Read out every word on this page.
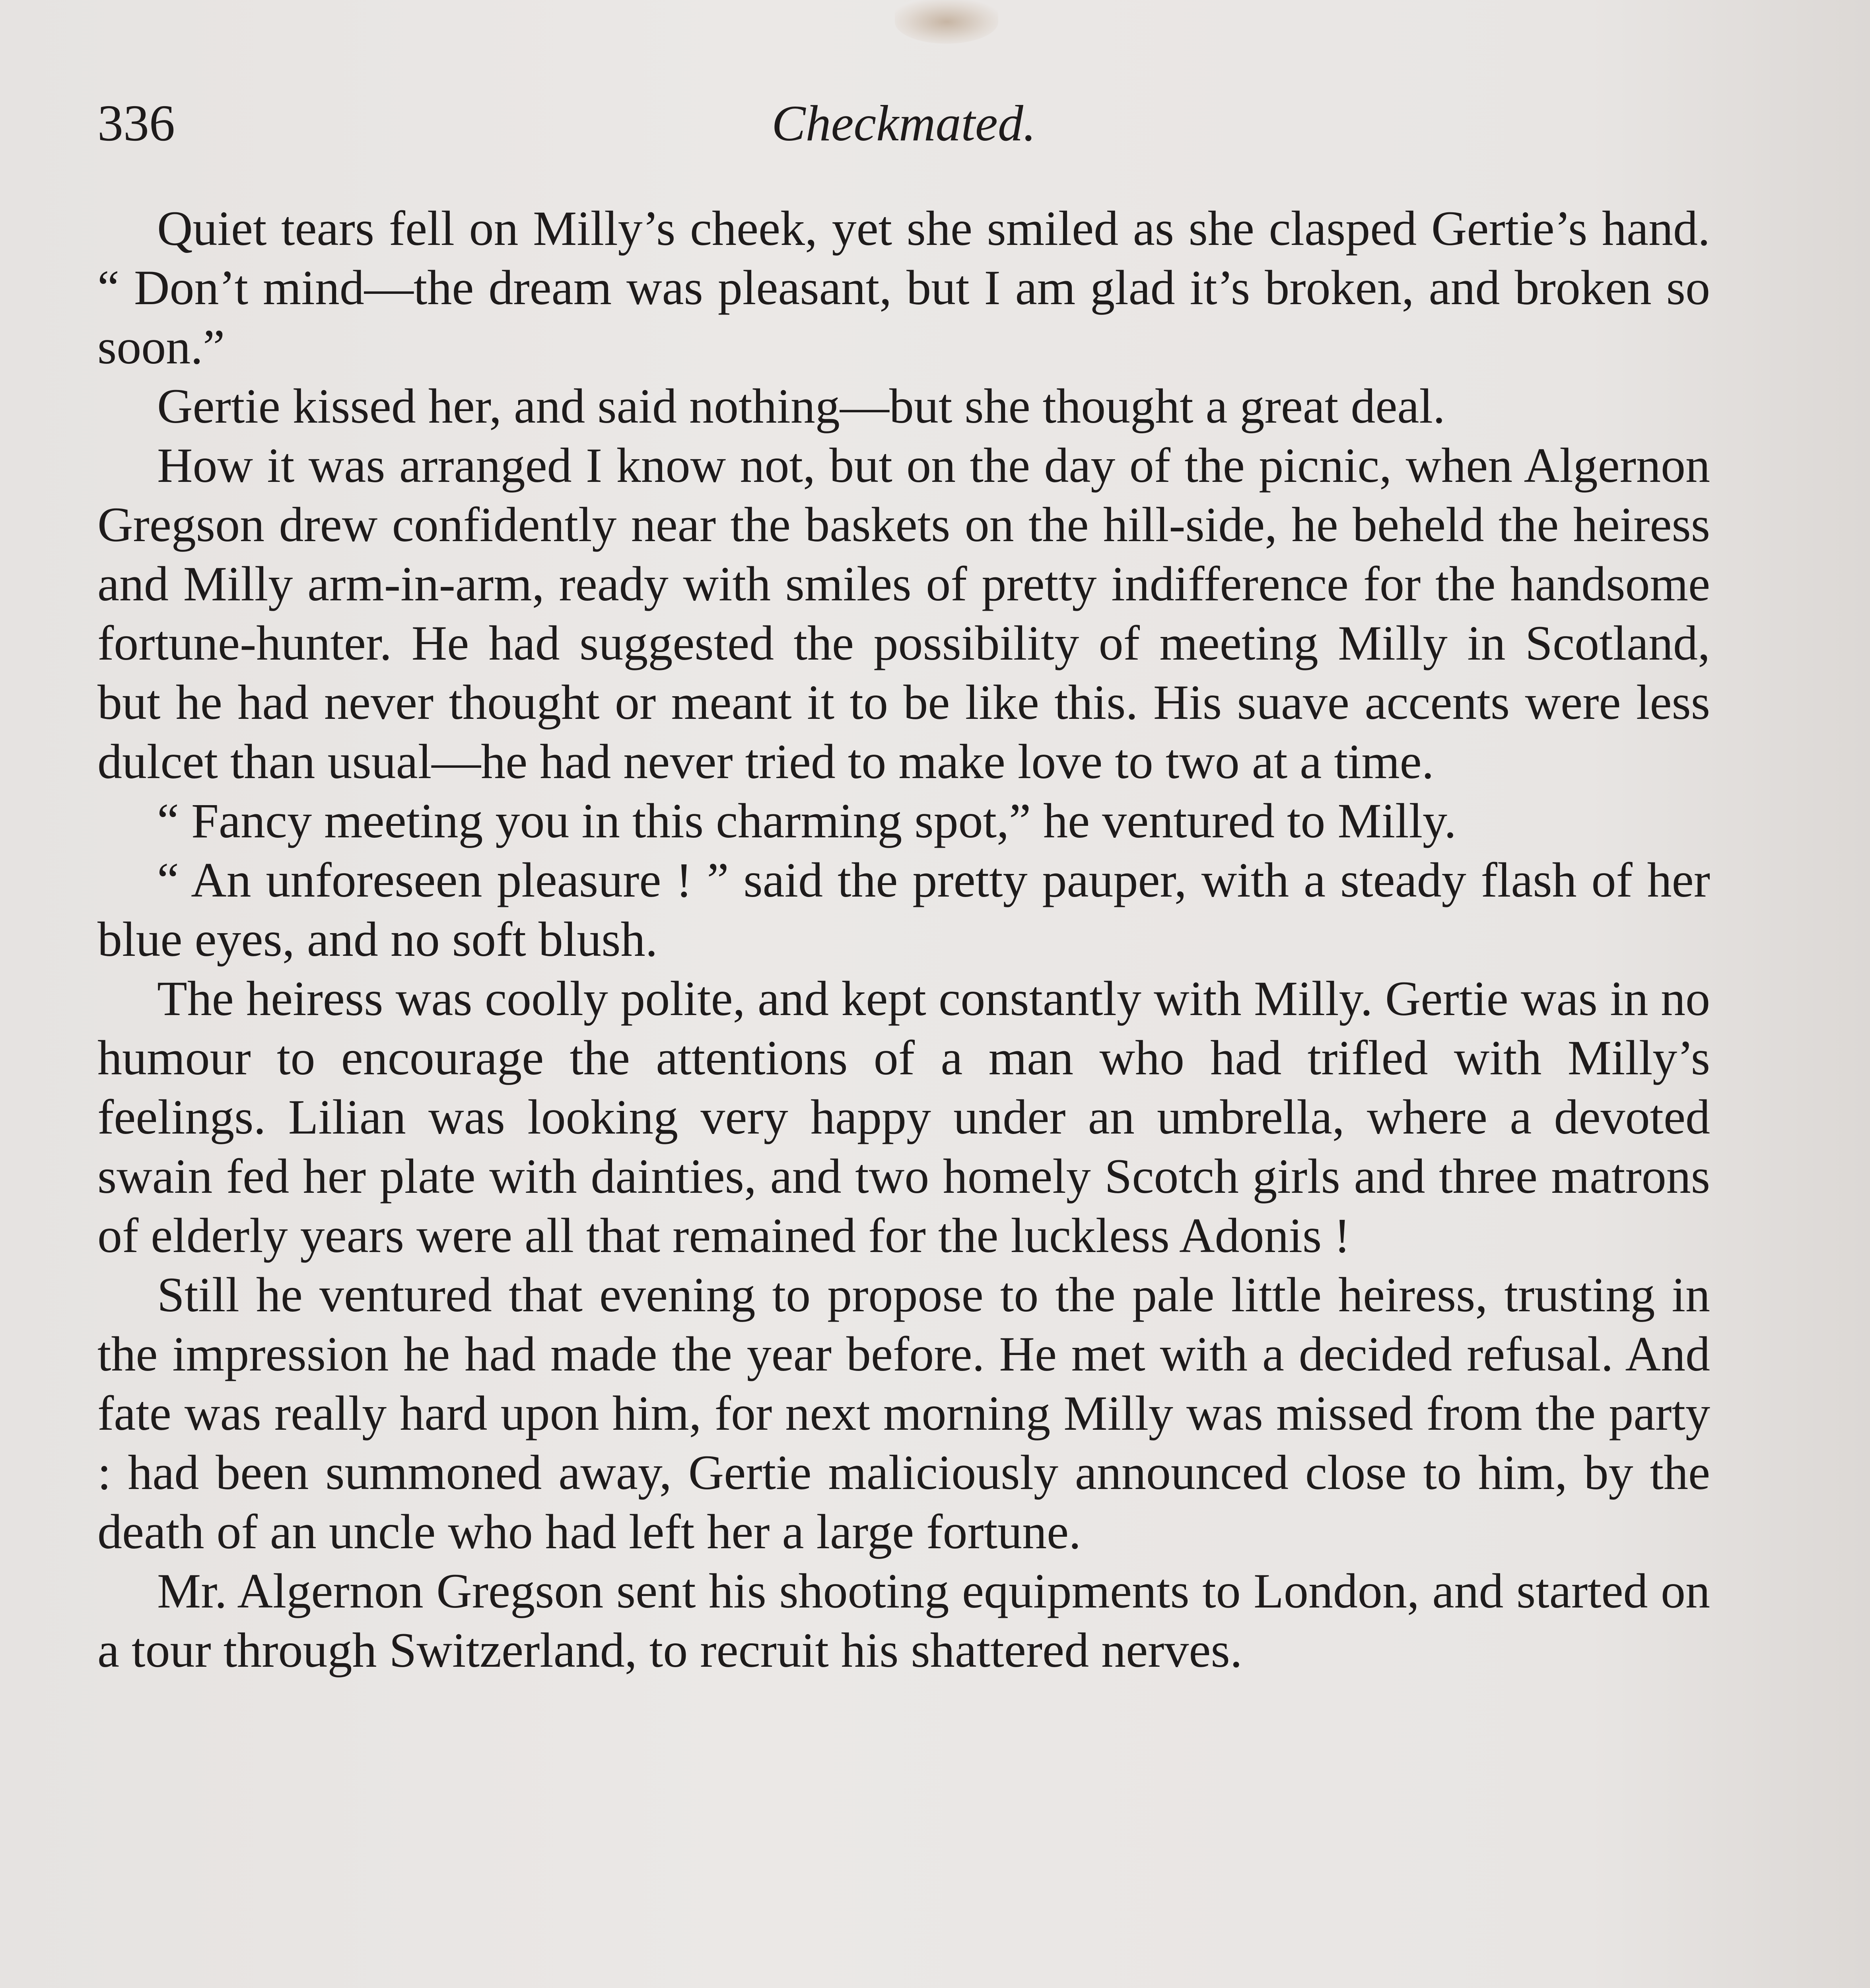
336	Checkmated.

Quiet tears fell on Milly’s cheek, yet she smiled as she clasped Gertie’s hand. “ Don’t mind—the dream was pleasant, but I am glad it’s broken, and broken so soon.”

Gertie kissed her, and said nothing—but she thought a great deal.

How it was arranged I know not, but on the day of the picnic, when Algernon Gregson drew confidently near the baskets on the hill-side, he beheld the heiress and Milly arm-in-arm, ready with smiles of pretty indifference for the handsome fortune-hunter. He had suggested the possibility of meeting Milly in Scotland, but he had never thought or meant it to be like this. His suave accents were less dulcet than usual—he had never tried to make love to two at a time.

“ Fancy meeting you in this charming spot,” he ventured to Milly.

“ An unforeseen pleasure ! ” said the pretty pauper, with a steady flash of her blue eyes, and no soft blush.

The heiress was coolly polite, and kept constantly with Milly. Gertie was in no humour to encourage the attentions of a man who had trifled with Milly’s feelings. Lilian was looking very happy under an umbrella, where a devoted swain fed her plate with dainties, and two homely Scotch girls and three matrons of elderly years were all that remained for the luckless Adonis !

Still he ventured that evening to propose to the pale little heiress, trusting in the impression he had made the year before. He met with a decided refusal. And fate was really hard upon him, for next morning Milly was missed from the party : had been summoned away, Gertie maliciously announced close to him, by the death of an uncle who had left her a large fortune.

Mr. Algernon Gregson sent his shooting equipments to London, and started on a tour through Switzerland, to recruit his shattered nerves.
